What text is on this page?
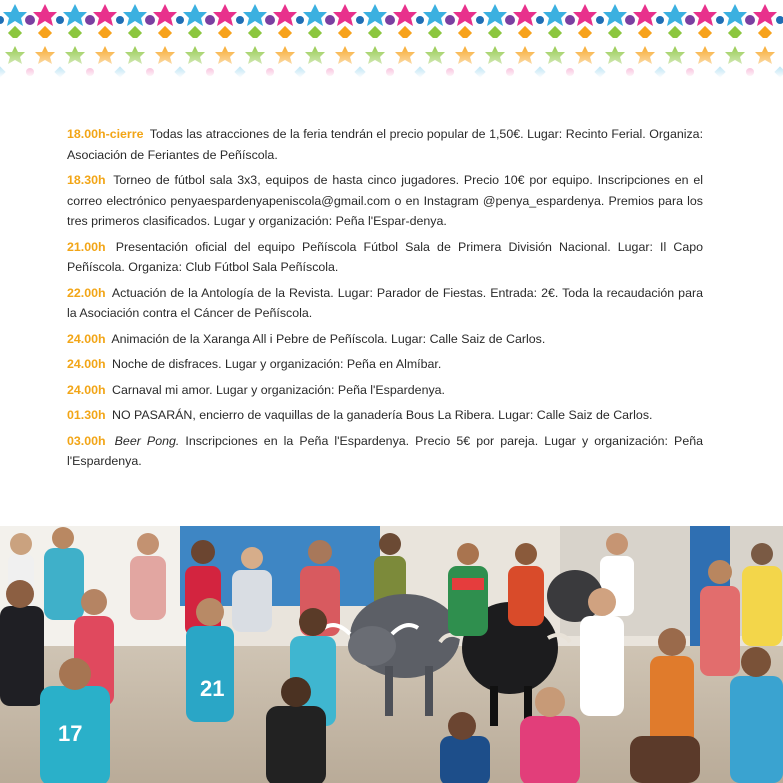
18.00h-cierre Todas las atracciones de la feria tendrán el precio popular de 1,50€. Lugar: Recinto Ferial. Organiza: Asociación de Feriantes de Peñíscola.

18.30h Torneo de fútbol sala 3x3, equipos de hasta cinco jugadores. Precio 10€ por equipo. Inscripciones en el correo electrónico penyaespardenyapeniscola@gmail.com o en Instagram @penya_espardenya. Premios para los tres primeros clasificados. Lugar y organización: Peña l'Espar-denya.

21.00h Presentación oficial del equipo Peñíscola Fútbol Sala de Primera División Nacional. Lugar: Il Capo Peñíscola. Organiza: Club Fútbol Sala Peñíscola.

22.00h Actuación de la Antología de la Revista. Lugar: Parador de Fiestas. Entrada: 2€. Toda la recaudación para la Asociación contra el Cáncer de Peñíscola.

24.00h Animación de la Xaranga All i Pebre de Peñíscola. Lugar: Calle Saiz de Carlos.

24.00h Noche de disfraces. Lugar y organización: Peña en Almíbar.

24.00h Carnaval mi amor. Lugar y organización: Peña l'Espardenya.

01.30h NO PASARÁN, encierro de vaquillas de la ganadería Bous La Ribera. Lugar: Calle Saiz de Carlos.

03.00h Beer Pong. Inscripciones en la Peña l'Espardenya. Precio 5€ por pareja. Lugar y organización: Peña l'Espardenya.

21
17
